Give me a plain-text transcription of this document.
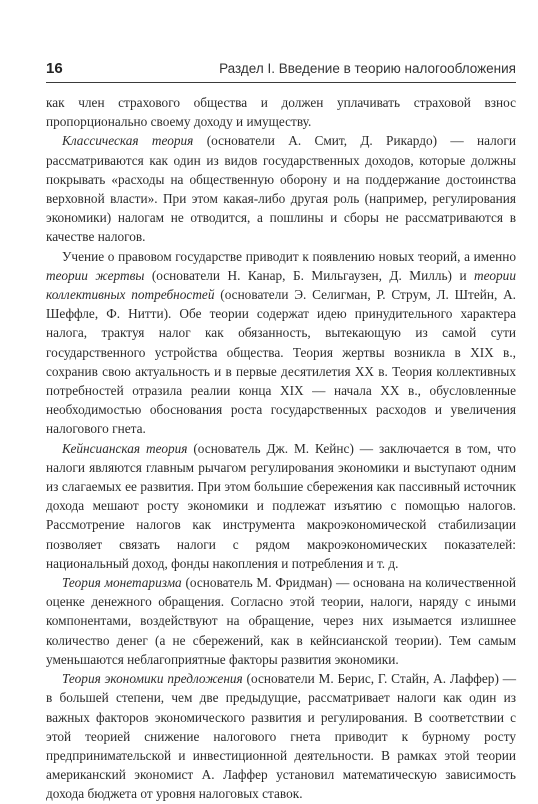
16	Раздел I. Введение в теорию налогообложения

как член страхового общества и должен уплачивать страховой взнос пропорционально своему доходу и имуществу.

Классическая теория (основатели А. Смит, Д. Рикардо) — налоги рассматриваются как один из видов государственных доходов, которые должны покрывать «расходы на общественную оборону и на поддержание достоинства верховной власти». При этом какая-либо другая роль (например, регулирования экономики) налогам не отводится, а пошлины и сборы не рассматриваются в качестве налогов.

Учение о правовом государстве приводит к появлению новых теорий, а именно теории жертвы (основатели Н. Канар, Б. Мильгаузен, Д. Милль) и теории коллективных потребностей (основатели Э. Селигман, Р. Струм, Л. Штейн, А. Шеффле, Ф. Нитти). Обе теории содержат идею принудительного характера налога, трактуя налог как обязанность, вытекающую из самой сути государственного устройства общества. Теория жертвы возникла в XIX в., сохранив свою актуальность и в первые десятилетия XX в. Теория коллективных потребностей отразила реалии конца XIX — начала XX в., обусловленные необходимостью обоснования роста государственных расходов и увеличения налогового гнета.

Кейнсианская теория (основатель Дж. М. Кейнс) — заключается в том, что налоги являются главным рычагом регулирования экономики и выступают одним из слагаемых ее развития. При этом большие сбережения как пассивный источник дохода мешают росту экономики и подлежат изъятию с помощью налогов. Рассмотрение налогов как инструмента макроэкономической стабилизации позволяет связать налоги с рядом макроэкономических показателей: национальный доход, фонды накопления и потребления и т. д.

Теория монетаризма (основатель М. Фридман) — основана на количественной оценке денежного обращения. Согласно этой теории, налоги, наряду с иными компонентами, воздействуют на обращение, через них изымается излишнее количество денег (а не сбережений, как в кейнсианской теории). Тем самым уменьшаются неблагоприятные факторы развития экономики.

Теория экономики предложения (основатели М. Берис, Г. Стайн, А. Лаффер) — в большей степени, чем две предыдущие, рассматривает налоги как один из важных факторов экономического развития и регулирования. В соответствии с этой теорией снижение налогового гнета приводит к бурному росту предпринимательской и инвестиционной деятельности. В рамках этой теории американский экономист А. Лаффер установил математическую зависимость дохода бюджета от уровня налоговых ставок.
